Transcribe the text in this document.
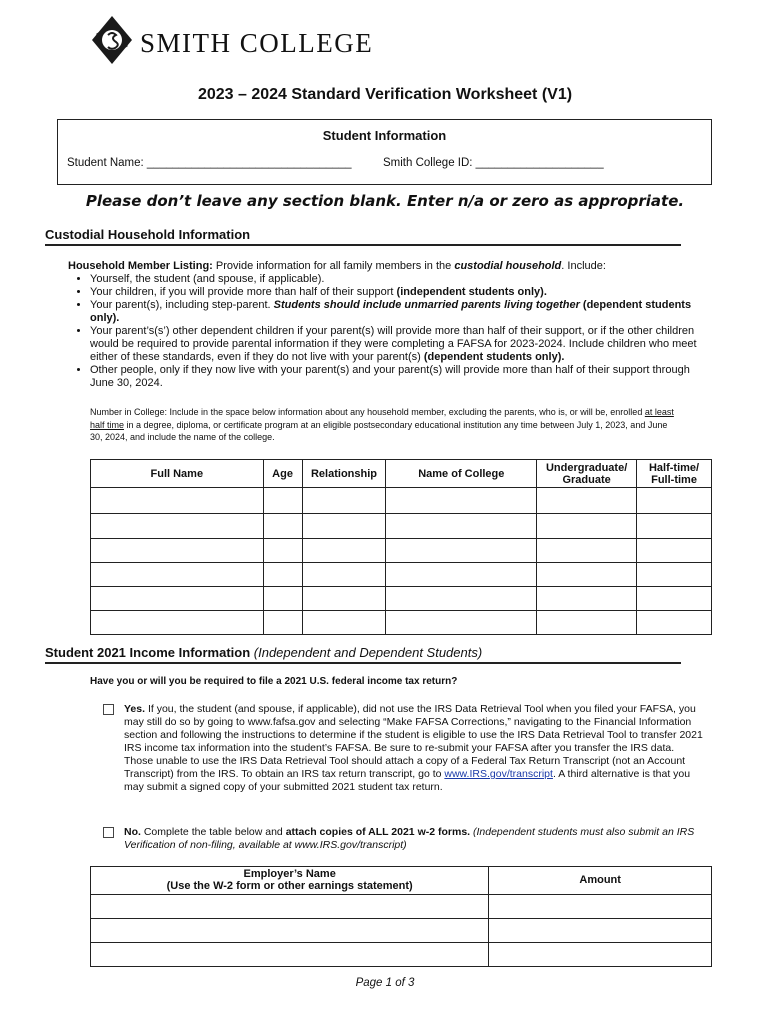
SMITH COLLEGE
2023 – 2024 Standard Verification Worksheet (V1)
Student Information
Student Name: ________________________________	Smith College ID: ____________________
Please don’t leave any section blank. Enter n/a or zero as appropriate.
Custodial Household Information
Household Member Listing: Provide information for all family members in the custodial household. Include:
• Yourself, the student (and spouse, if applicable).
• Your children, if you will provide more than half of their support (independent students only).
• Your parent(s), including step-parent. Students should include unmarried parents living together (dependent students only).
• Your parent’s(s’) other dependent children if your parent(s) will provide more than half of their support, or if the other children would be required to provide parental information if they were completing a FAFSA for 2023-2024. Include children who meet either of these standards, even if they do not live with your parent(s) (dependent students only).
• Other people, only if they now live with your parent(s) and your parent(s) will provide more than half of their support through June 30, 2024.
Number in College: Include in the space below information about any household member, excluding the parents, who is, or will be, enrolled at least half time in a degree, diploma, or certificate program at an eligible postsecondary educational institution any time between July 1, 2023, and June 30, 2024, and include the name of the college.
Full Name	Age	Relationship	Name of College	Undergraduate/
Graduate	Half-time/
Full-time

Student 2021 Income Information (Independent and Dependent Students)
Have you or will you be required to file a 2021 U.S. federal income tax return?

Yes. If you, the student (and spouse, if applicable), did not use the IRS Data Retrieval Tool when you filed your FAFSA, you may still do so by going to www.fafsa.gov and selecting “Make FAFSA Corrections,” navigating to the Financial Information section and following the instructions to determine if the student is eligible to use the IRS Data Retrieval Tool to transfer 2021 IRS income tax information into the student’s FAFSA. Be sure to re-submit your FAFSA after you transfer the IRS data.

Those unable to use the IRS Data Retrieval Tool should attach a copy of a Federal Tax Return Transcript (not an Account Transcript) from the IRS. To obtain an IRS tax return transcript, go to www.IRS.gov/transcript. A third alternative is that you may submit a signed copy of your submitted 2021 student tax return.

No. Complete the table below and attach copies of ALL 2021 w-2 forms. (Independent students must also submit an IRS Verification of non-filing, available at www.IRS.gov/transcript)
Employer’s Name
(Use the W-2 form or other earnings statement)	Amount

Page 1 of 3
